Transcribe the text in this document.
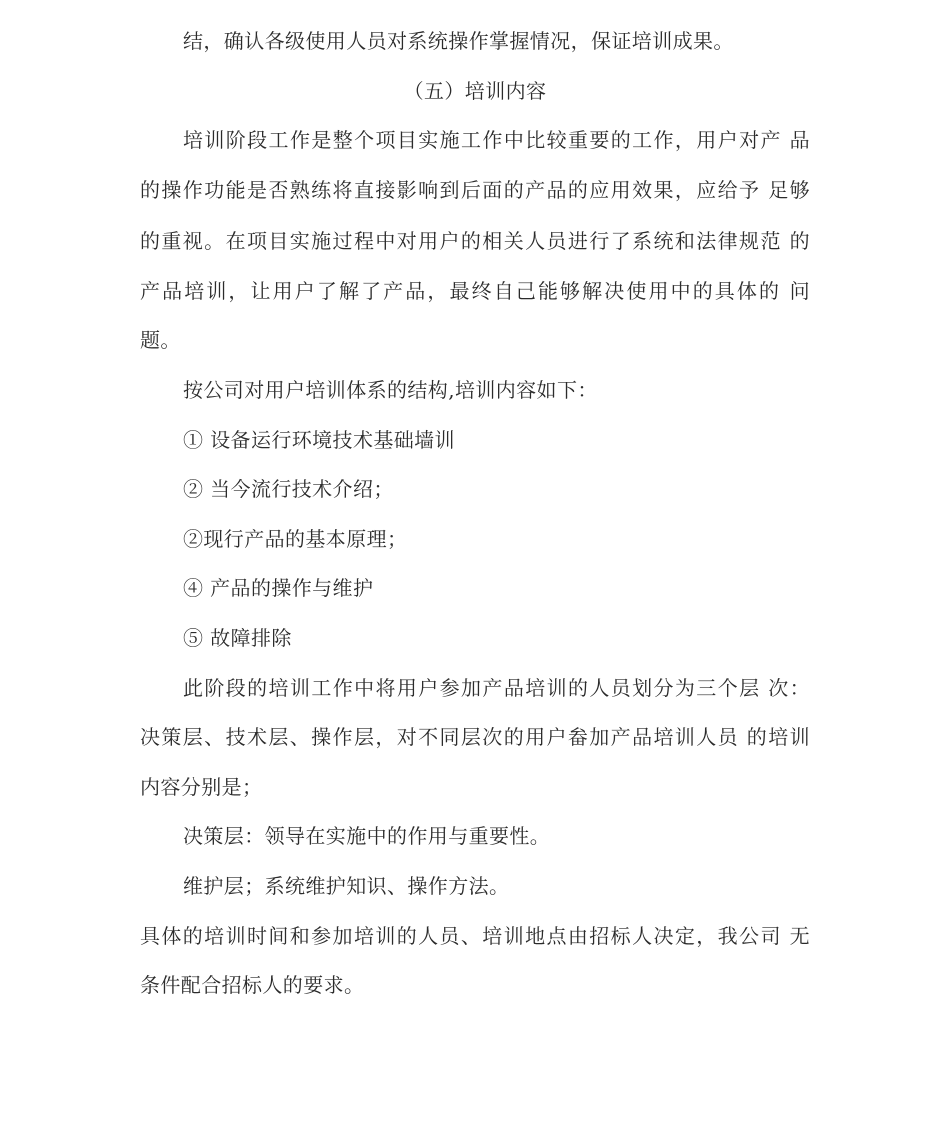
结，确认各级使用人员对系统操作掌握情况，保证培训成果。
（五）培训内容
培训阶段工作是整个项目实施工作中比较重要的工作，用户对产 品
的操作功能是否熟练将直接影响到后面的产品的应用效果，应给予 足够
的重视。在项目实施过程中对用户的相关人员进行了系统和法律规范 的
产品培训，让用户了解了产品，最终自己能够解决使用中的具体的 问
题。
按公司对用户培训体系的结构,培训内容如下：
① 设备运行环境技术基础墙训
② 当今流行技术介绍；
②现行产品的基本原理；
④ 产品的操作与维护
⑤ 故障排除
此阶段的培训工作中将用户参加产品培训的人员划分为三个层 次：
决策层、技术层、操作层，对不同层次的用户畚加产品培训人员 的培训
内容分别是；
决策层：领导在实施中的作用与重要性。
维护层；系统维护知识、操作方法。
具体的培训时间和参加培训的人员、培训地点由招标人决定，我公司 无
条件配合招标人的要求。
